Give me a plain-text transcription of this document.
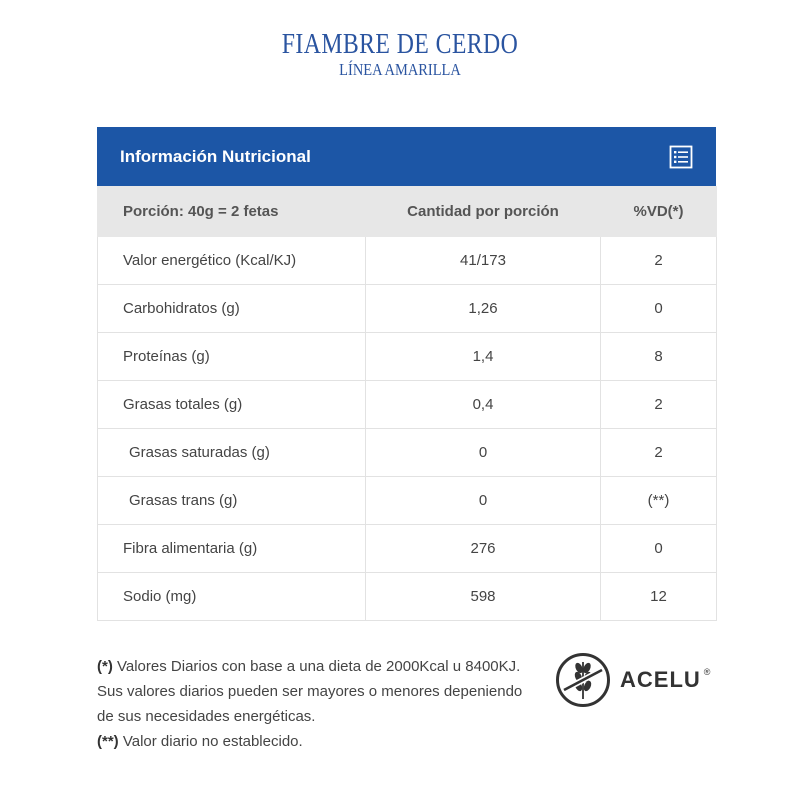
FIAMBRE DE CERDO
LÍNEA AMARILLA
Información Nutricional
Porción: 40g = 2 fetas	Cantidad por porción	%VD(*)
Valor energético (Kcal/KJ)	41/173	2
Carbohidratos (g)	1,26	0
Proteínas (g)	1,4	8
Grasas totales (g)	0,4	2
Grasas saturadas (g)	0	2
Grasas trans (g)	0	(**)
Fibra alimentaria (g)	276	0
Sodio (mg)	598	12
(*) Valores Diarios con base a una dieta de 2000Kcal u 8400KJ. Sus valores diarios pueden ser mayores o menores depeniendo de sus necesidades energéticas.
(**) Valor diario no establecido.
ACELU ®
